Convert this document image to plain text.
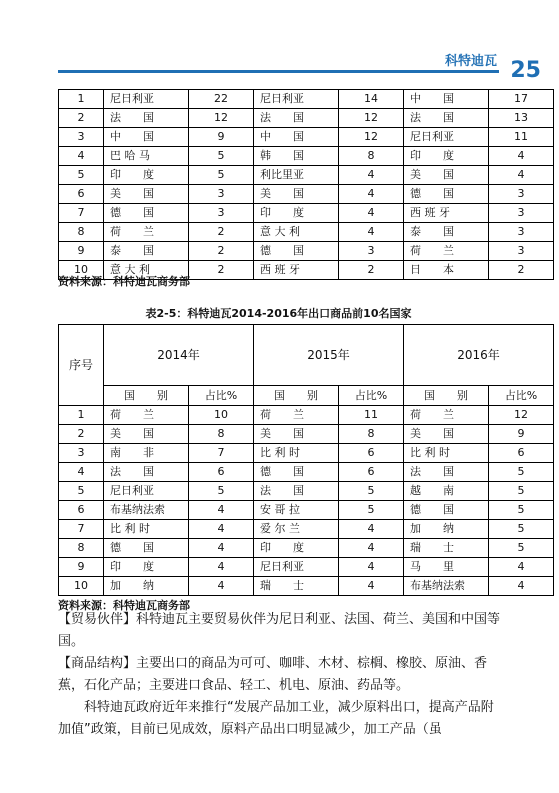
科特迪瓦 25
1	尼日利亚	22	尼日利亚	14	中　　国	17
2	法　　国	12	法　　国	12	法　　国	13
3	中　　国	9	中　　国	12	尼日利亚	11
4	巴 哈 马	5	韩　　国	8	印　　度	4
5	印　　度	5	利比里亚	4	美　　国	4
6	美　　国	3	美　　国	4	德　　国	3
7	德　　国	3	印　　度	4	西 班 牙	3
8	荷　　兰	2	意 大 利	4	泰　　国	3
9	泰　　国	2	德　　国	3	荷　　兰	3
10	意 大 利	2	西 班 牙	2	日　　本	2
资料来源：科特迪瓦商务部
表2-5：科特迪瓦2014-2016年出口商品前10名国家
序号	2014年		2015年		2016年	
	国　　别	占比%	国　　别	占比%	国　　别	占比%
1	荷　　兰	10	荷　　兰	11	荷　　兰	12
2	美　　国	8	美　　国	8	美　　国	9
3	南　　非	7	比 利 时	6	比 利 时	6
4	法　　国	6	德　　国	6	法　　国	5
5	尼日利亚	5	法　　国	5	越　　南	5
6	布基纳法索	4	安 哥 拉	5	德　　国	5
7	比 利 时	4	爱 尔 兰	4	加　　纳	5
8	德　　国	4	印　　度	4	瑞　　士	5
9	印　　度	4	尼日利亚	4	马　　里	4
10	加　　纳	4	瑞　　士	4	布基纳法索	4
资料来源：科特迪瓦商务部
【贸易伙伴】科特迪瓦主要贸易伙伴为尼日利亚、法国、荷兰、美国和中国等国。
【商品结构】主要出口的商品为可可、咖啡、木材、棕榈、橡胶、原油、香蕉，石化产品；主要进口食品、轻工、机电、原油、药品等。
科特迪瓦政府近年来推行“发展产品加工业，减少原料出口，提高产品附加值”政策，目前已见成效，原料产品出口明显减少，加工产品（虽
